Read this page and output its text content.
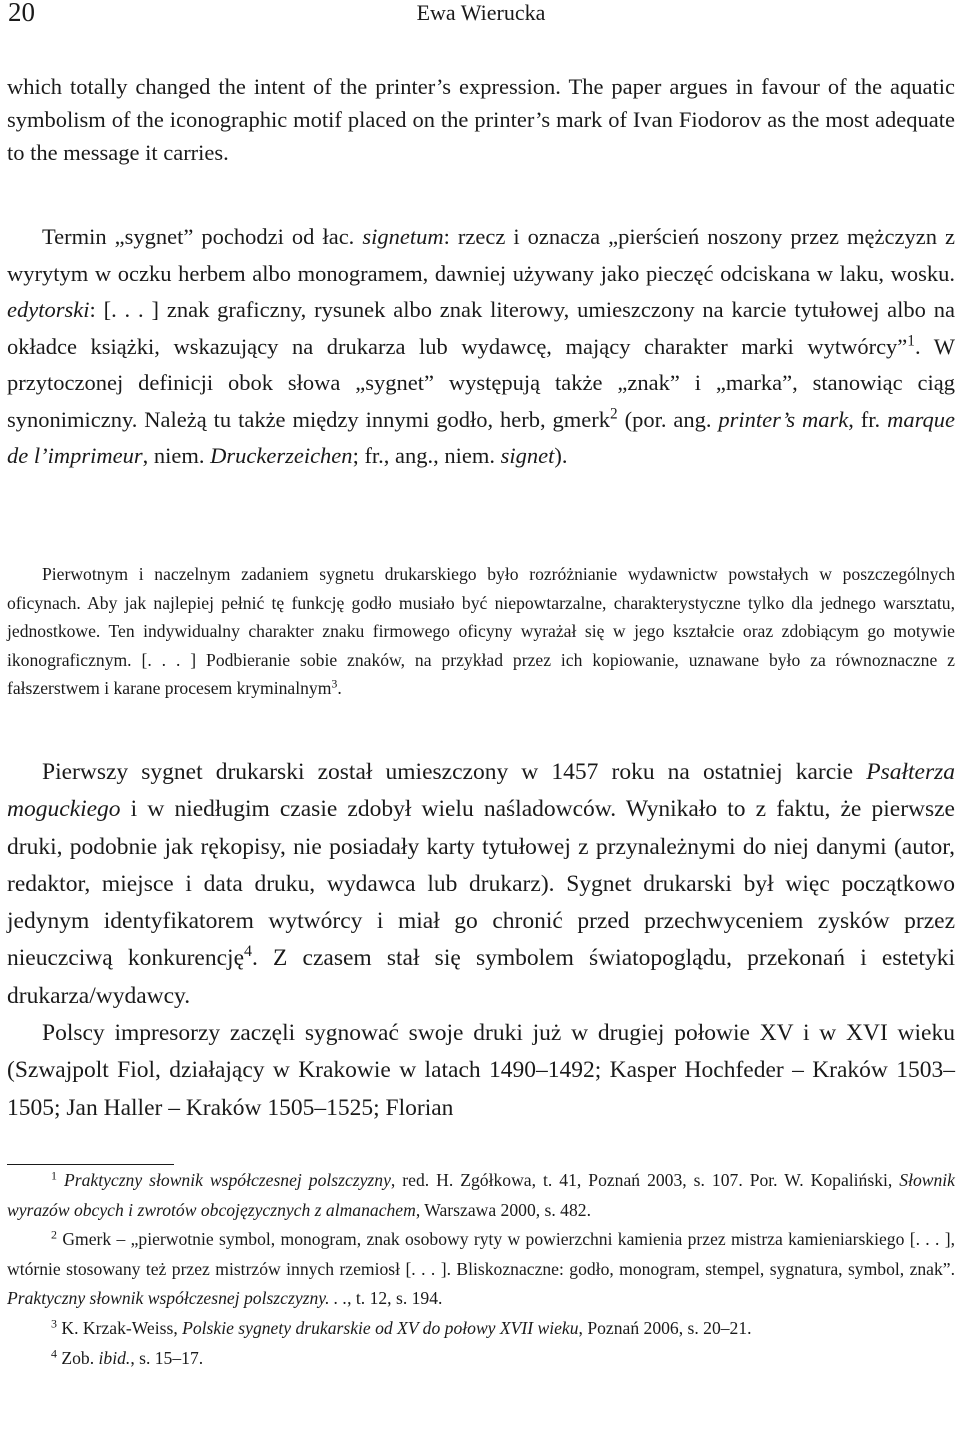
20	Ewa Wierucka
which totally changed the intent of the printer’s expression. The paper argues in favour of the aquatic symbolism of the iconographic motif placed on the printer’s mark of Ivan Fiodorov as the most adequate to the message it carries.
Termin „sygnet” pochodzi od łac. signetum: rzecz i oznacza „pierścień noszony przez mężczyzn z wyrytym w oczku herbem albo monogramem, dawniej używany jako pieczęć odciskana w laku, wosku. edytorski: [. . . ] znak graficzny, rysunek albo znak literowy, umieszczony na karcie tytułowej albo na okładce książki, wskazujący na drukarza lub wydawcę, mający charakter marki wytwórcy”$^1$. W przytoczonej definicji obok słowa „sygnet” występują także „znak” i „marka”, stanowiąc ciąg synonimiczny. Należą tu także między innymi godło, herb, gmerk$^2$ (por. ang. printer’s mark, fr. marque de l’imprimeur, niem. Druckerzeichen; fr., ang., niem. signet).
Pierwotnym i naczelnym zadaniem sygnetu drukarskiego było rozróżnianie wydawnictw powstałych w poszczególnych oficynach. Aby jak najlepiej pełnić tę funkcję godło musiało być niepowtarzalne, charakterystyczne tylko dla jednego warsztatu, jednostkowe. Ten indywidualny charakter znaku firmowego oficyny wyrażał się w jego kształcie oraz zdobiącym go motywie ikonograficznym. [. . . ] Podbieranie sobie znaków, na przykład przez ich kopiowanie, uznawane było za równoznaczne z fałszerstwem i karane procesem kryminalnym$^3$.

Pierwszy sygnet drukarski został umieszczony w 1457 roku na ostatniej karcie Psałterza moguckiego i w niedługim czasie zdobył wielu naśladowców. Wynikało to z faktu, że pierwsze druki, podobnie jak rękopisy, nie posiadały karty tytułowej z przynależnymi do niej danymi (autor, redaktor, miejsce i data druku, wydawca lub drukarz). Sygnet drukarski był więc początkowo jedynym identyfikatorem wytwórcy i miał go chronić przed przechwyceniem zysków przez nieuczciwą konkurencję$^4$. Z czasem stał się symbolem światopoglądu, przekonań i estetyki drukarza/wydawcy.

Polscy impresorzy zaczęli sygnować swoje druki już w drugiej połowie XV i w XVI wieku (Szwajpolt Fiol, działający w Krakowie w latach 1490–1492; Kasper Hochfeder – Kraków 1503–1505; Jan Haller – Kraków 1505–1525; Florian

$^1$ Praktyczny słownik współczesnej polszczyzny, red. H. Zgółkowa, t. 41, Poznań 2003, s. 107. Por. W. Kopaliński, Słownik wyrazów obcych i zwrotów obcojęzycznych z almanachem, Warszawa 2000, s. 482.

$^2$ Gmerk – „pierwotnie symbol, monogram, znak osobowy ryty w powierzchni kamienia przez mistrza kamieniarskiego [. . . ], wtórnie stosowany też przez mistrzów innych rzemiosł [. . . ]. Bliskoznaczne: godło, monogram, stempel, sygnatura, symbol, znak”. Praktyczny słownik współczesnej polszczyzny. . ., t. 12, s. 194.

$^3$ K. Krzak-Weiss, Polskie sygnety drukarskie od XV do połowy XVII wieku, Poznań 2006, s. 20–21.

$^4$ Zob. ibid., s. 15–17.
